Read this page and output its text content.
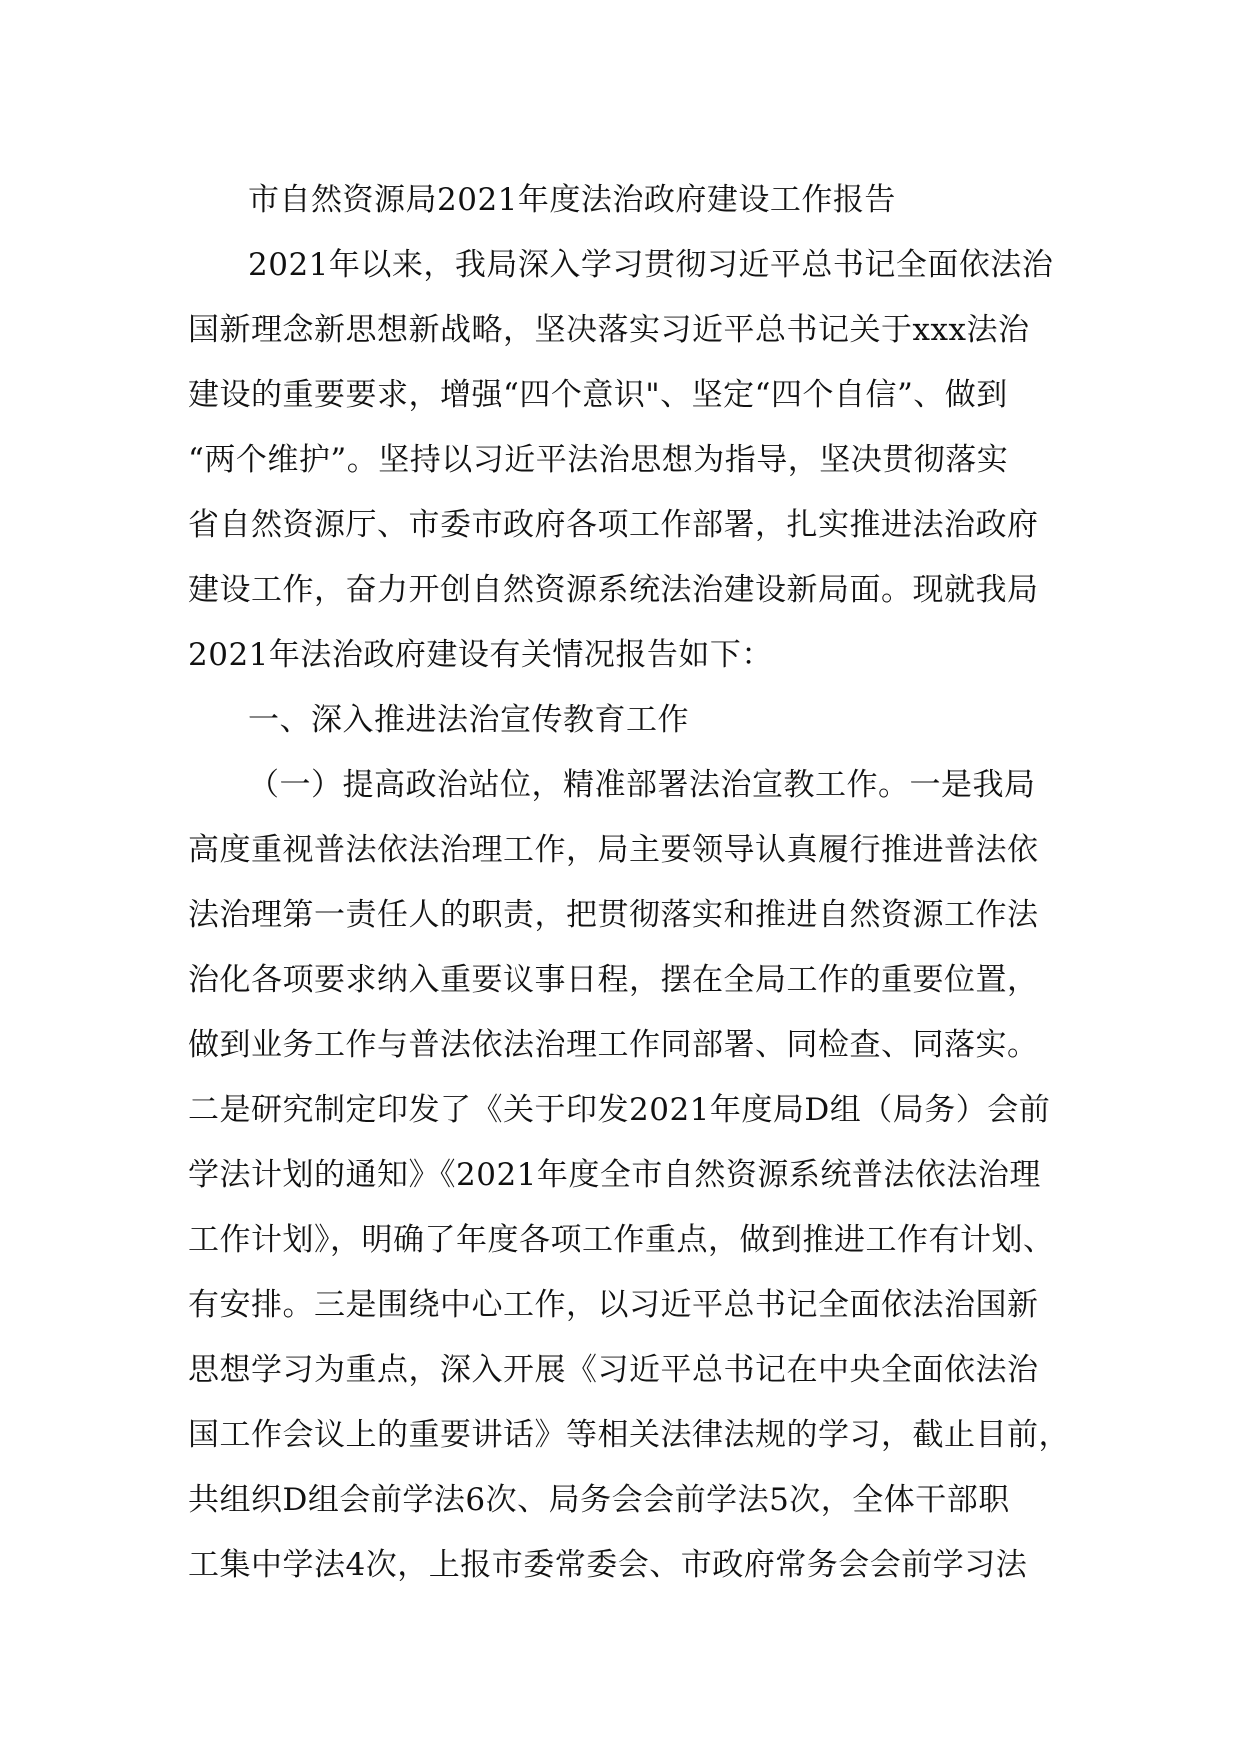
市自然资源局2021年度法治政府建设工作报告
2021年以来，我局深入学习贯彻习近平总书记全面依法治
国新理念新思想新战略，坚决落实习近平总书记关于xxx法治
建设的重要要求，增强“四个意识"、坚定“四个自信”、做到
“两个维护”。坚持以习近平法治思想为指导，坚决贯彻落实
省自然资源厅、市委市政府各项工作部署，扎实推进法治政府
建设工作，奋力开创自然资源系统法治建设新局面。现就我局
2021年法治政府建设有关情况报告如下：
一、深入推进法治宣传教育工作
（一）提高政治站位，精准部署法治宣教工作。一是我局
高度重视普法依法治理工作，局主要领导认真履行推进普法依
法治理第一责任人的职责，把贯彻落实和推进自然资源工作法
治化各项要求纳入重要议事日程，摆在全局工作的重要位置，
做到业务工作与普法依法治理工作同部署、同检查、同落实。
二是研究制定印发了《关于印发2021年度局D组（局务）会前
学法计划的通知》《2021年度全市自然资源系统普法依法治理
工作计划》，明确了年度各项工作重点，做到推进工作有计划、
有安排。三是围绕中心工作，以习近平总书记全面依法治国新
思想学习为重点，深入开展《习近平总书记在中央全面依法治
国工作会议上的重要讲话》等相关法律法规的学习，截止目前，
共组织D组会前学法6次、局务会会前学法5次，全体干部职
工集中学法4次，上报市委常委会、市政府常务会会前学习法
